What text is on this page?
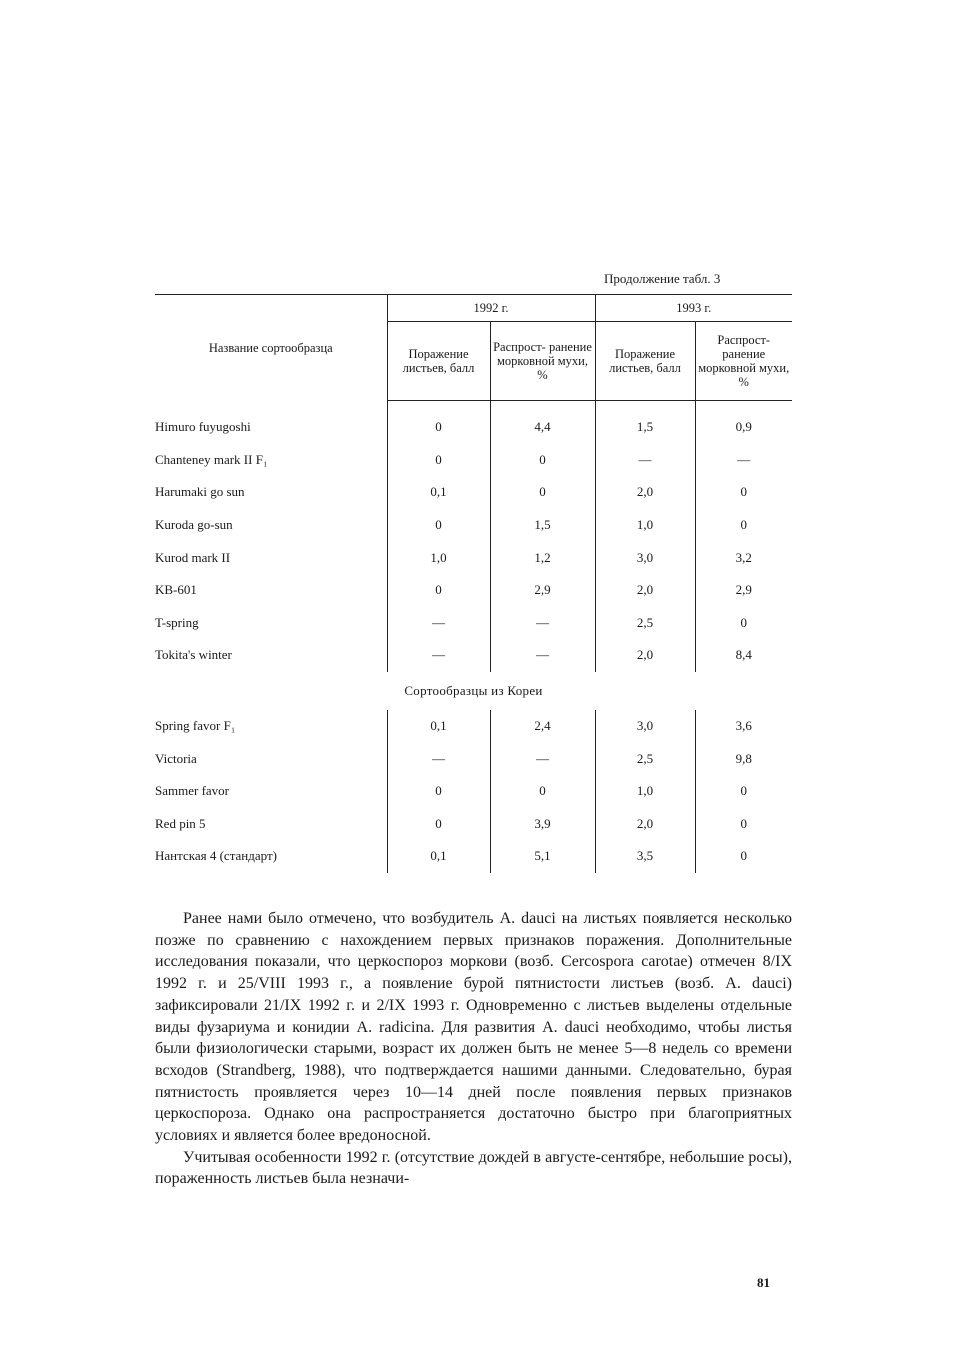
Продолжение табл. 3
Название сортообразца	1992 г.		1993 г.	
	Поражение листьев, балл	Распрост- ранение морковной мухи, %	Поражение листьев, балл	Распрост- ранение морковной мухи, %

Himuro fuyugoshi	0	4,4	1,5	0,9
Chanteney mark II F₁	0	0	—	—
Harumaki go sun	0,1	0	2,0	0
Kuroda go-sun	0	1,5	1,0	0
Kurod mark II	1,0	1,2	3,0	3,2
KB-601	0	2,9	2,0	2,9
T-spring	—	—	2,5	0
Tokita's winter	—	—	2,0	8,4
Сортообразцы из Кореи				
Spring favor F₁	0,1	2,4	3,0	3,6
Victoria	—	—	2,5	9,8
Sammer favor	0	0	1,0	0
Red pin 5	0	3,9	2,0	0
Нантская 4 (стандарт)	0,1	5,1	3,5	0

Ранее нами было отмечено, что возбудитель A. dauci на листьях появляется несколько позже по сравнению с нахождением первых признаков поражения. Дополнительные исследования показали, что церкоспороз моркови (возб. Cercospora carotae) отмечен 8/IX 1992 г. и 25/VIII 1993 г., а появление бурой пятнистости листьев (возб. A. dauci) зафиксировали 21/IX 1992 г. и 2/IX 1993 г. Одновременно с листьев выделены отдельные виды фузариума и конидии A. radicina. Для развития A. dauci необходимо, чтобы листья были физиологически старыми, возраст их должен быть не менее 5—8 недель со времени всходов (Strandberg, 1988), что подтверждается нашими данными. Следовательно, бурая пятнистость проявляется через 10—14 дней после появления первых признаков церкоспороза. Однако она распространяется достаточно быстро при благоприятных условиях и является более вредоносной.

Учитывая особенности 1992 г. (отсутствие дождей в августе-сентябре, небольшие росы), пораженность листьев была незначи-

81
